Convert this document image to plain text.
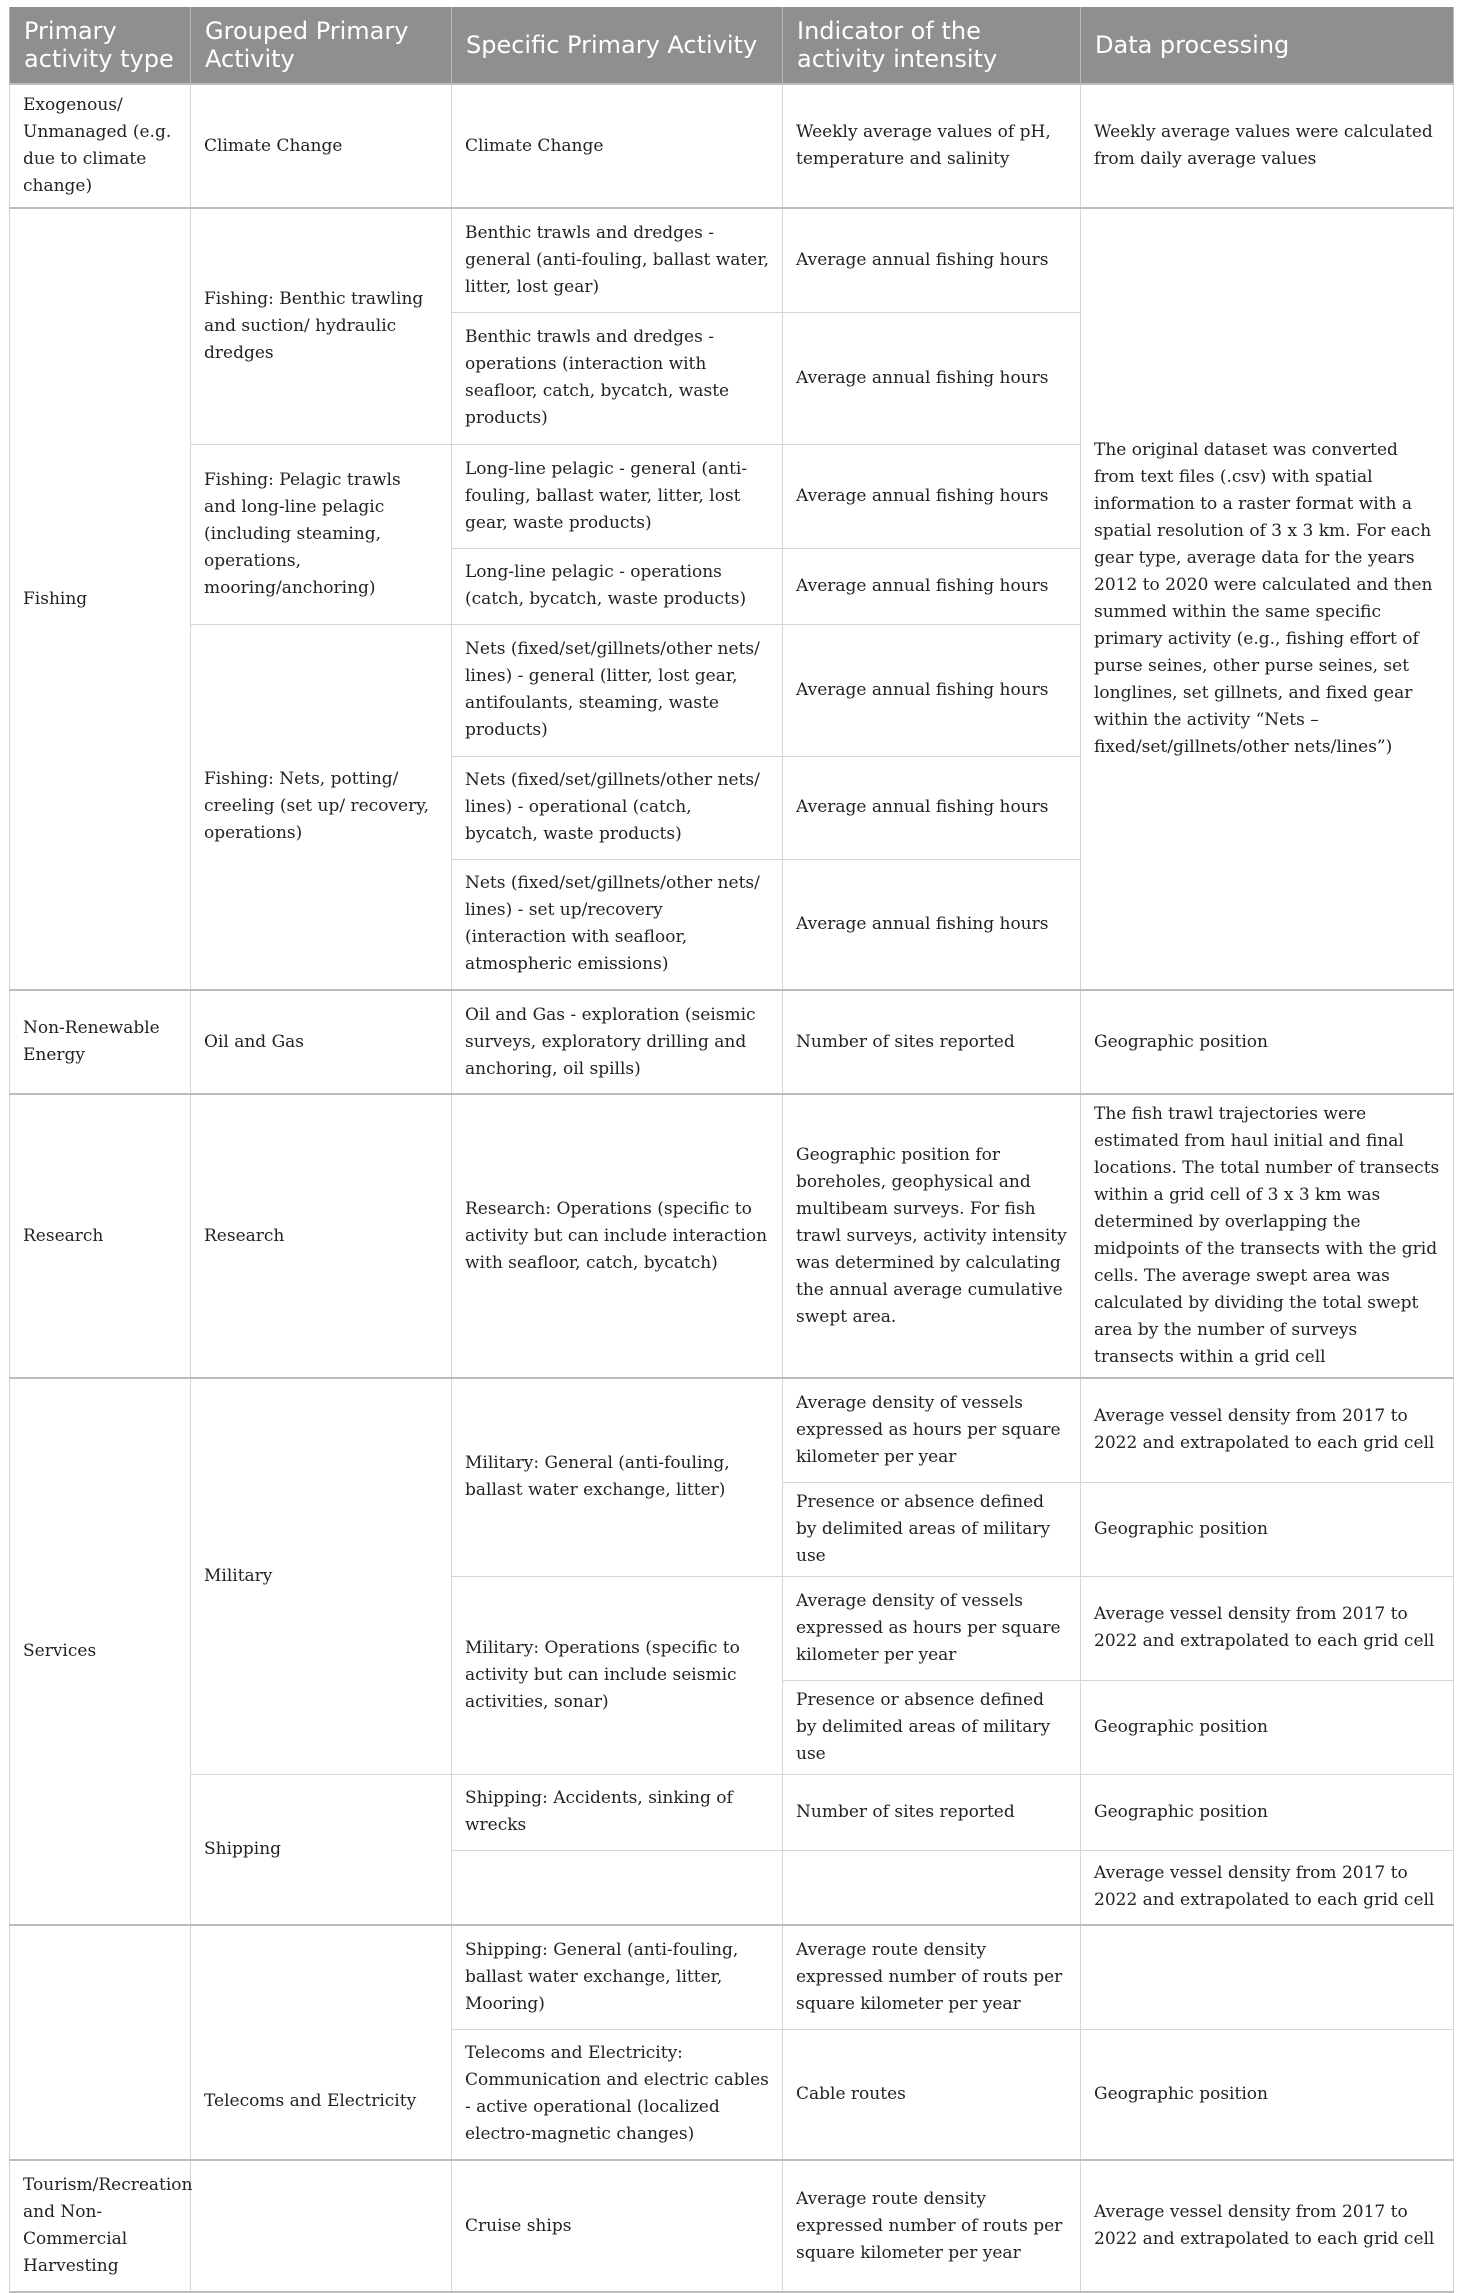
Primary activity type	Grouped Primary Activity	Specific Primary Activity	Indicator of the activity intensity	Data processing
Exogenous/ Unmanaged (e.g. due to climate change)	Climate Change	Climate Change	Weekly average values of pH, temperature and salinity	Weekly average values were calculated from daily average values
Fishing	Fishing: Benthic trawling and suction/ hydraulic dredges	Benthic trawls and dredges - general (anti-fouling, ballast water, litter, lost gear)	Average annual fishing hours	The original dataset was converted from text files (.csv) with spatial information to a raster format with a spatial resolution of 3 x 3 km. For each gear type, average data for the years 2012 to 2020 were calculated and then summed within the same specific primary activity (e.g., fishing effort of purse seines, other purse seines, set longlines, set gillnets, and fixed gear within the activity “Nets – fixed/set/gillnets/other nets/lines”)
		Benthic trawls and dredges - operations (interaction with seafloor, catch, bycatch, waste products)	Average annual fishing hours	
	Fishing: Pelagic trawls and long-line pelagic (including steaming, operations, mooring/anchoring)	Long-line pelagic - general (anti-fouling, ballast water, litter, lost gear, waste products)	Average annual fishing hours	
		Long-line pelagic - operations (catch, bycatch, waste products)	Average annual fishing hours	
	Fishing: Nets, potting/ creeling (set up/ recovery, operations)	Nets (fixed/set/gillnets/other nets/ lines) - general (litter, lost gear, antifoulants, steaming, waste products)	Average annual fishing hours	
		Nets (fixed/set/gillnets/other nets/ lines) - operational (catch, bycatch, waste products)	Average annual fishing hours	
		Nets (fixed/set/gillnets/other nets/ lines) - set up/recovery (interaction with seafloor, atmospheric emissions)	Average annual fishing hours	
Non-Renewable Energy	Oil and Gas	Oil and Gas - exploration (seismic surveys, exploratory drilling and anchoring, oil spills)	Number of sites reported	Geographic position
Research	Research	Research: Operations (specific to activity but can include interaction with seafloor, catch, bycatch)	Geographic position for boreholes, geophysical and multibeam surveys. For fish trawl surveys, activity intensity was determined by calculating the annual average cumulative swept area.	The fish trawl trajectories were estimated from haul initial and final locations. The total number of transects within a grid cell of 3 x 3 km was determined by overlapping the midpoints of the transects with the grid cells. The average swept area was calculated by dividing the total swept area by the number of surveys transects within a grid cell
Services	Military	Military: General (anti-fouling, ballast water exchange, litter)	Average density of vessels expressed as hours per square kilometer per year	Average vessel density from 2017 to 2022 and extrapolated to each grid cell
			Presence or absence defined by delimited areas of military use	Geographic position
		Military: Operations (specific to activity but can include seismic activities, sonar)	Average density of vessels expressed as hours per square kilometer per year	Average vessel density from 2017 to 2022 and extrapolated to each grid cell
			Presence or absence defined by delimited areas of military use	Geographic position
	Shipping	Shipping: Accidents, sinking of wrecks	Number of sites reported	Geographic position
				Average vessel density from 2017 to 2022 and extrapolated to each grid cell
	Telecoms and Electricity	Shipping: General (anti-fouling, ballast water exchange, litter, Mooring)	Average route density expressed number of routs per square kilometer per year	
		Telecoms and Electricity: Communication and electric cables - active operational (localized electro-magnetic changes)	Cable routes	Geographic position
Tourism/Recreation and Non-Commercial Harvesting		Cruise ships	Average route density expressed number of routs per square kilometer per year	Average vessel density from 2017 to 2022 and extrapolated to each grid cell
